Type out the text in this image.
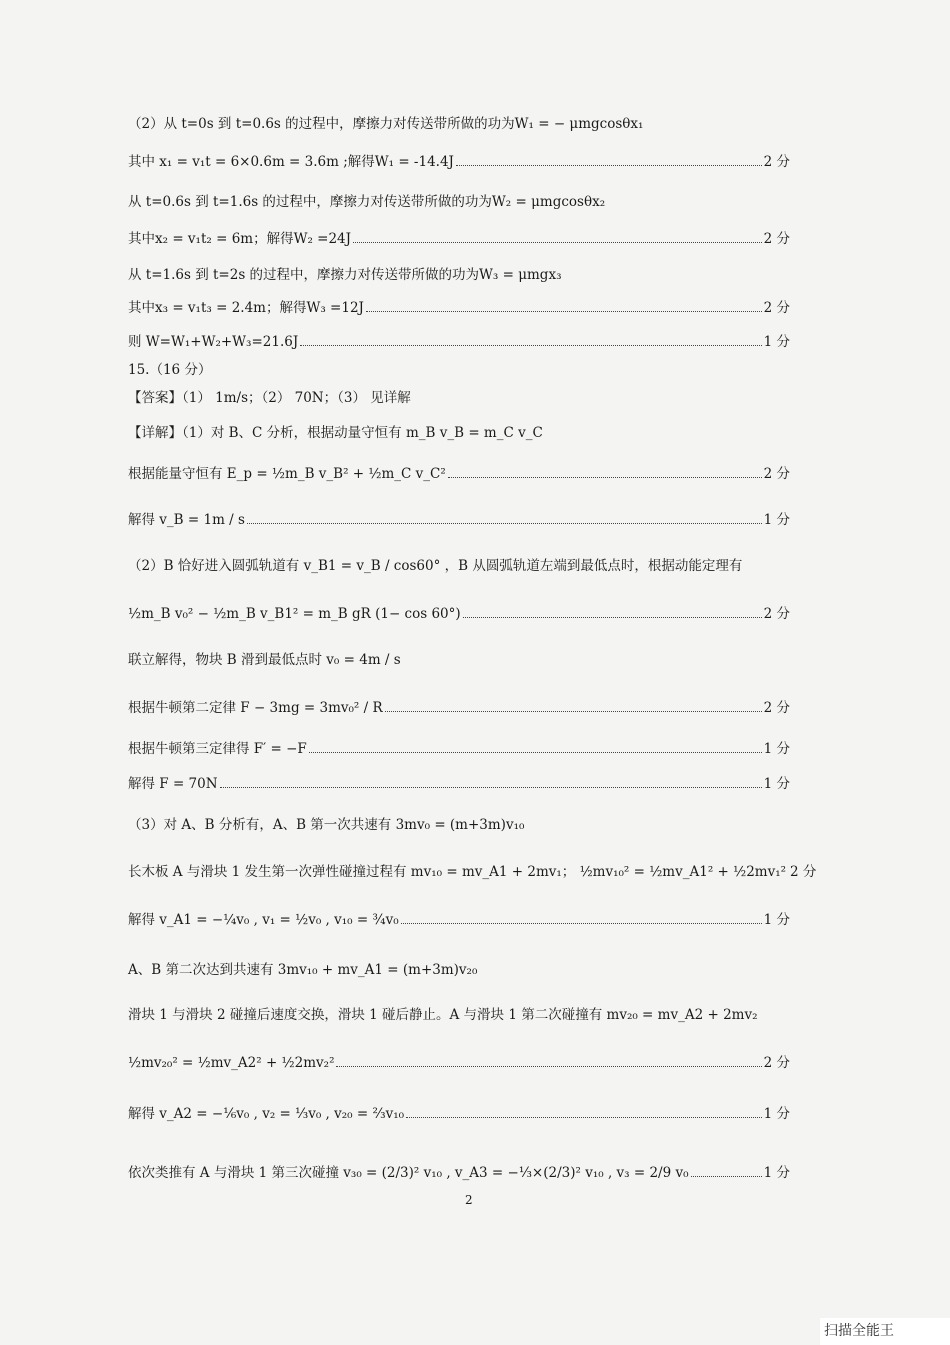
（2）从 t=0s 到 t=0.6s 的过程中，摩擦力对传送带所做的功为W₁ = − μmgcosθx₁
其中 x₁ = v₁t = 6×0.6m = 3.6m ;解得W₁ = -14.4J	2 分
从 t=0.6s 到 t=1.6s 的过程中，摩擦力对传送带所做的功为W₂ = μmgcosθx₂
其中x₂ = v₁t₂ = 6m；解得W₂ =24J	2 分
从 t=1.6s 到 t=2s 的过程中，摩擦力对传送带所做的功为W₃ = μmgx₃
其中x₃ = v₁t₃ = 2.4m；解得W₃ =12J	2 分
则 W=W₁+W₂+W₃=21.6J	1 分
15.（16 分）
【答案】（1） 1m/s；（2） 70N；（3） 见详解
【详解】（1）对 B、C 分析，根据动量守恒有 m_B v_B = m_C v_C
根据能量守恒有 E_p = ½m_B v_B² + ½m_C v_C²	2 分
解得 v_B = 1m / s	1 分
（2）B 恰好进入圆弧轨道有 v_B1 = v_B / cos60° ，B 从圆弧轨道左端到最低点时，根据动能定理有
½m_B v₀² − ½m_B v_B1² = m_B gR (1− cos 60°)	2 分
联立解得，物块 B 滑到最低点时 v₀ = 4m / s
根据牛顿第二定律 F − 3mg = 3mv₀² / R	2 分
根据牛顿第三定律得 F′ = −F	1 分
解得 F = 70N	1 分
（3）对 A、B 分析有，A、B 第一次共速有 3mv₀ = (m+3m)v₁₀
长木板 A 与滑块 1 发生第一次弹性碰撞过程有 mv₁₀ = mv_A1 + 2mv₁； ½mv₁₀² = ½mv_A1² + ½2mv₁² 2 分
解得 v_A1 = −¼v₀ , v₁ = ½v₀ , v₁₀ = ¾v₀	1 分
A、B 第二次达到共速有 3mv₁₀ + mv_A1 = (m+3m)v₂₀
滑块 1 与滑块 2 碰撞后速度交换，滑块 1 碰后静止。A 与滑块 1 第二次碰撞有 mv₂₀ = mv_A2 + 2mv₂
½mv₂₀² = ½mv_A2² + ½2mv₂²	2 分
解得 v_A2 = −⅙v₀ , v₂ = ⅓v₀ , v₂₀ = ⅔v₁₀	1 分
依次类推有 A 与滑块 1 第三次碰撞 v₃₀ = (2/3)² v₁₀ , v_A3 = −⅓×(2/3)² v₁₀ , v₃ = 2/9 v₀	1 分
2
扫描全能王
